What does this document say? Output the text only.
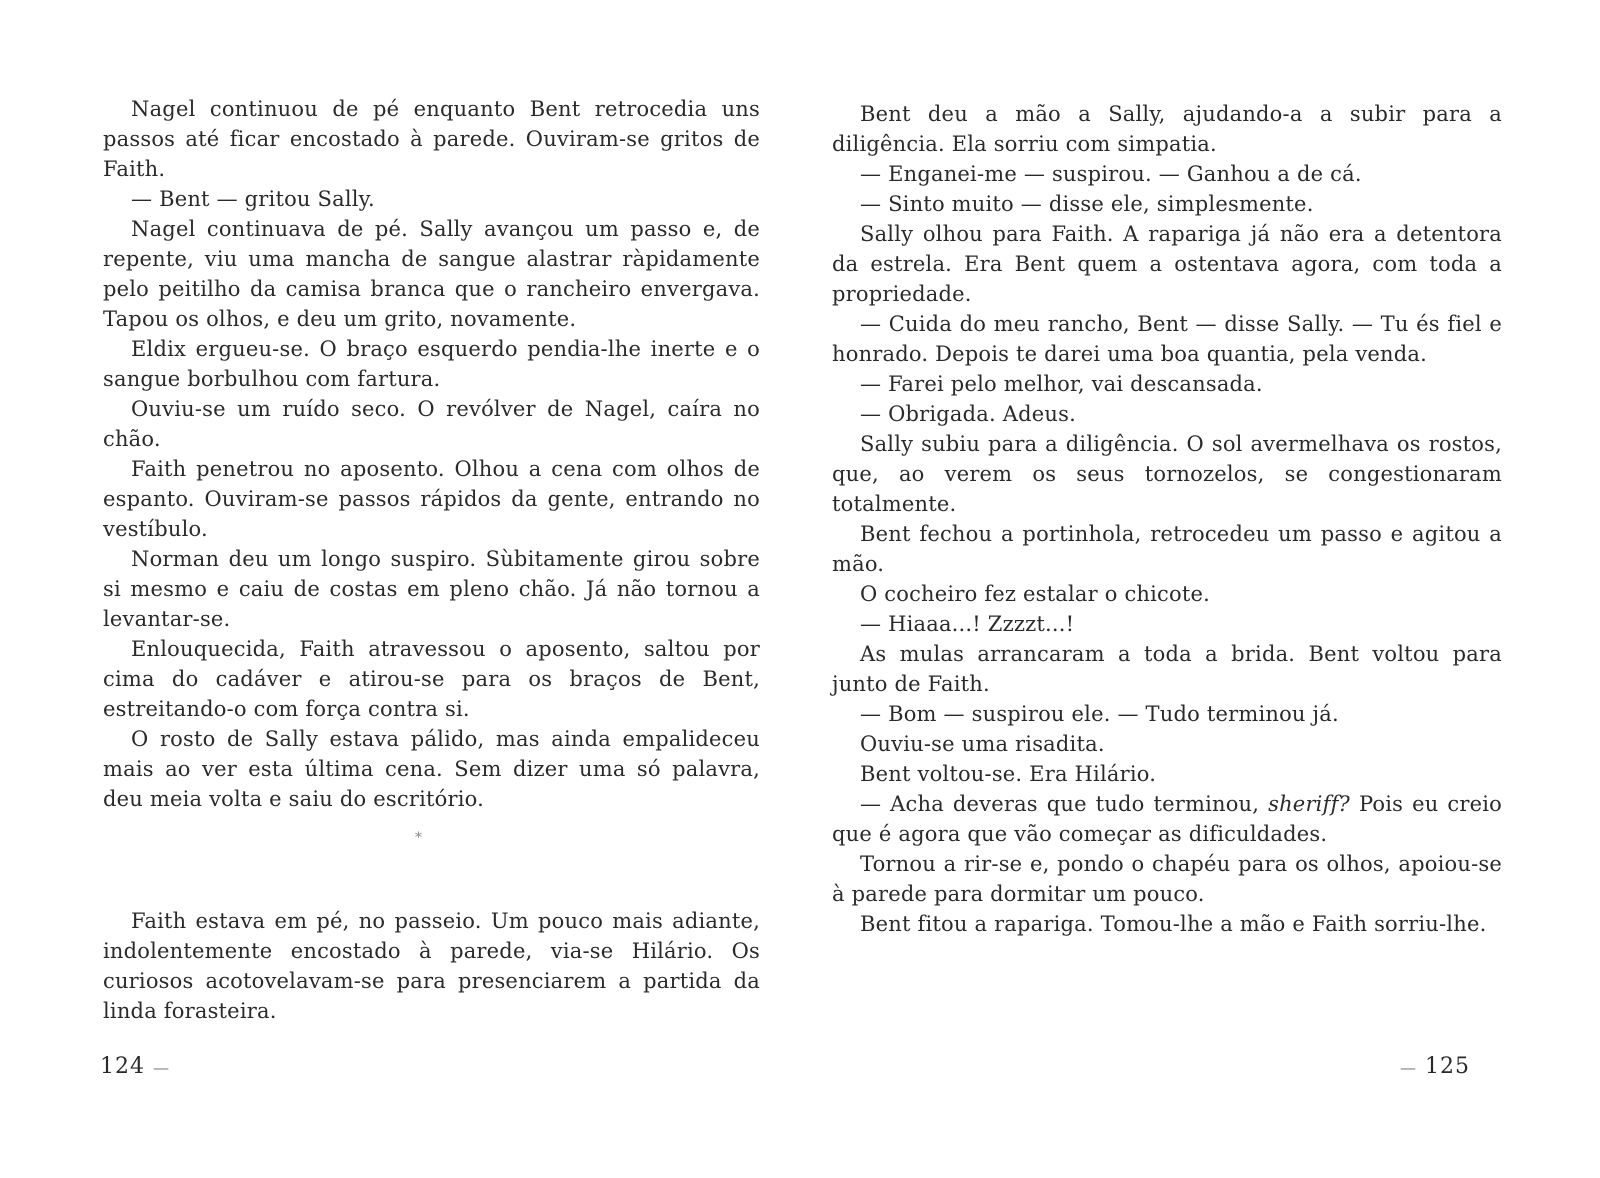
Nagel continuou de pé enquanto Bent retrocedia uns passos até ficar encostado à parede. Ouviram-se gritos de Faith.

— Bent — gritou Sally.

Nagel continuava de pé. Sally avançou um passo e, de repente, viu uma mancha de sangue alastrar ràpidamente pelo peitilho da camisa branca que o rancheiro envergava. Tapou os olhos, e deu um grito, novamente.

Eldix ergueu-se. O braço esquerdo pendia-lhe inerte e o sangue borbulhou com fartura.

Ouviu-se um ruído seco. O revólver de Nagel, caíra no chão.

Faith penetrou no aposento. Olhou a cena com olhos de espanto. Ouviram-se passos rápidos da gente, entrando no vestíbulo.

Norman deu um longo suspiro. Sùbitamente girou sobre si mesmo e caiu de costas em pleno chão. Já não tornou a levantar-se.

Enlouquecida, Faith atravessou o aposento, saltou por cima do cadáver e atirou-se para os braços de Bent, estreitando-o com força contra si.

O rosto de Sally estava pálido, mas ainda empalideceu mais ao ver esta última cena. Sem dizer uma só palavra, deu meia volta e saiu do escritório.

*

Faith estava em pé, no passeio. Um pouco mais adiante, indolentemente encostado à parede, via-se Hilário. Os curiosos acotovelavam-se para presenciarem a partida da linda forasteira.

124 —

Bent deu a mão a Sally, ajudando-a a subir para a diligência. Ela sorriu com simpatia.

— Enganei-me — suspirou. — Ganhou a de cá.

— Sinto muito — disse ele, simplesmente.

Sally olhou para Faith. A rapariga já não era a detentora da estrela. Era Bent quem a ostentava agora, com toda a propriedade.

— Cuida do meu rancho, Bent — disse Sally. — Tu és fiel e honrado. Depois te darei uma boa quantia, pela venda.

— Farei pelo melhor, vai descansada.

— Obrigada. Adeus.

Sally subiu para a diligência. O sol avermelhava os rostos, que, ao verem os seus tornozelos, se congestionaram totalmente.

Bent fechou a portinhola, retrocedeu um passo e agitou a mão.

O cocheiro fez estalar o chicote.

— Hiaaa...! Zzzzt...!

As mulas arrancaram a toda a brida. Bent voltou para junto de Faith.

— Bom — suspirou ele. — Tudo terminou já.

Ouviu-se uma risadita.

Bent voltou-se. Era Hilário.

— Acha deveras que tudo terminou, sheriff? Pois eu creio que é agora que vão começar as dificuldades.

Tornou a rir-se e, pondo o chapéu para os olhos, apoiou-se à parede para dormitar um pouco.

Bent fitou a rapariga. Tomou-lhe a mão e Faith sorriu-lhe.

— 125
